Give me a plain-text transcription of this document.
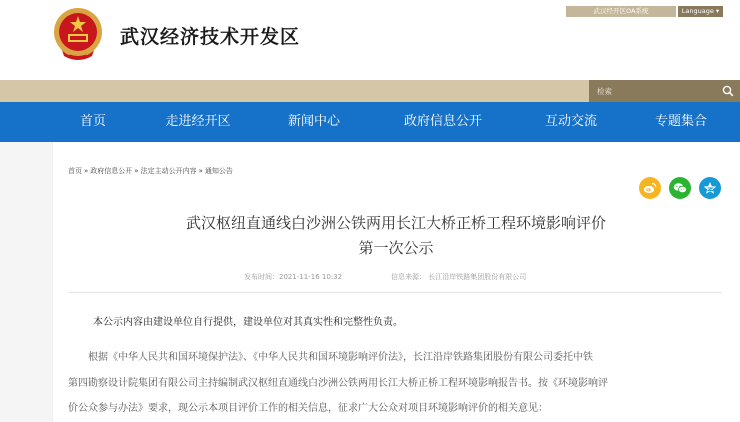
武汉经济技术开发区
武汉经开区OA系统	Language ▾
检索
首页	走进经开区	新闻中心	政府信息公开	互动交流	专题集合
首页 » 政府信息公开 » 法定主动公开内容 » 通知公告
武汉枢纽直通线白沙洲公铁两用长江大桥正桥工程环境影响评价
第一次公示
发布时间：2021-11-16 10:32	信息来源： 长江沿岸铁路集团股份有限公司
本公示内容由建设单位自行提供，建设单位对其真实性和完整性负责。
　　根据《中华人民共和国环境保护法》、《中华人民共和国环境影响评价法》，长江沿岸铁路集团股份有限公司委托中铁
第四勘察设计院集团有限公司主持编制武汉枢纽直通线白沙洲公铁两用长江大桥正桥工程环境影响报告书。按《环境影响评
价公众参与办法》要求，现公示本项目评价工作的相关信息，征求广大公众对项目环境影响评价的相关意见：
